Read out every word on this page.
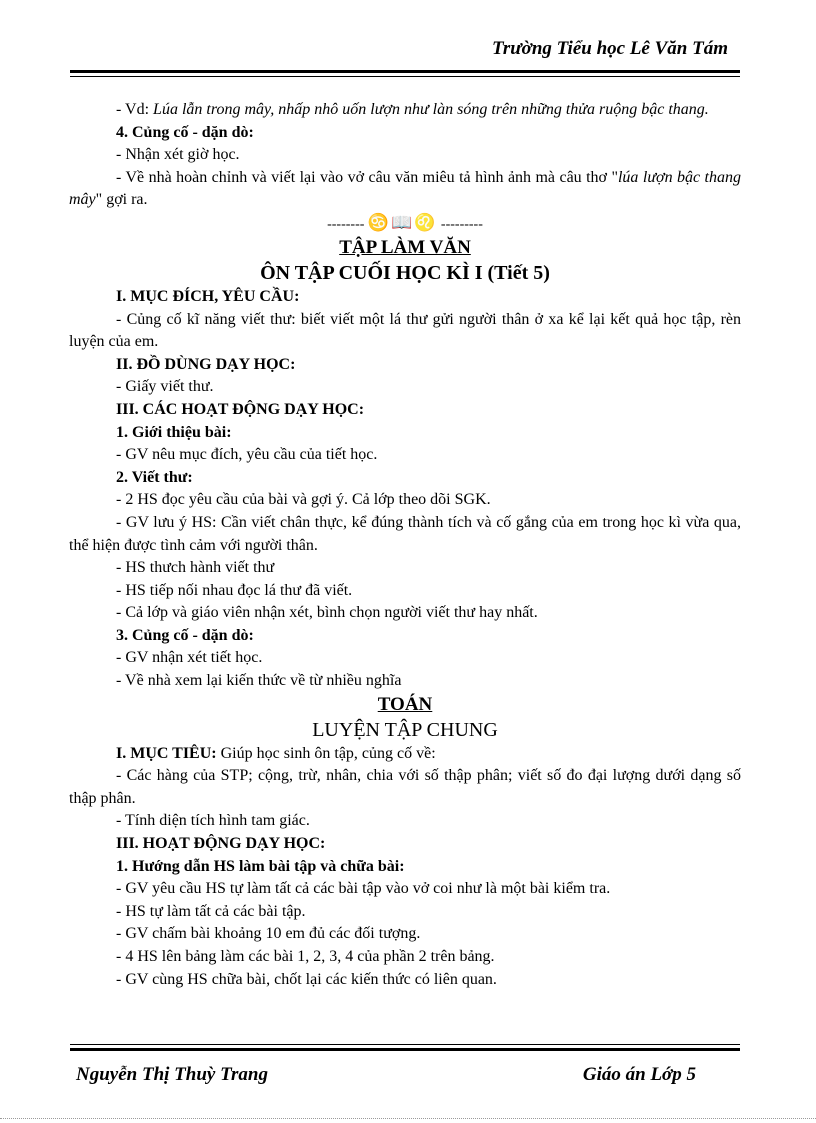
Trường Tiểu học Lê Văn Tám

- Vd: Lúa lẫn trong mây, nhấp nhô uốn lượn như làn sóng trên những thửa ruộng bậc thang.

4. Củng cố - dặn dò:

- Nhận xét giờ học.

- Về nhà hoàn chỉnh và viết lại vào vở câu văn miêu tả hình ảnh mà câu thơ "lúa lượn bậc thang mây" gợi ra.

-------- ♋📖♌ ---------

TẬP LÀM VĂN

ÔN TẬP CUỐI HỌC KÌ I (Tiết 5)

I. MỤC ĐÍCH, YÊU CẦU:

- Củng cố kĩ năng viết thư: biết viết một lá thư gửi người thân ở xa kể lại kết quả học tập, rèn luyện của em.

II. ĐỒ DÙNG DẠY HỌC:

- Giấy viết thư.

III. CÁC HOẠT ĐỘNG DẠY HỌC:

1. Giới thiệu bài:

- GV nêu mục đích, yêu cầu của tiết học.

2. Viết thư:

- 2 HS đọc yêu cầu của bài và gợi ý. Cả lớp theo dõi SGK.

- GV lưu ý HS: Cần viết chân thực, kể đúng thành tích và cố gắng của em trong học kì vừa qua, thể hiện được tình cảm với người thân.

- HS thưch hành viết thư

- HS tiếp nối nhau đọc lá thư đã viết.

- Cả lớp và giáo viên nhận xét, bình chọn người viết thư hay nhất.

3. Củng cố - dặn dò:

- GV nhận xét tiết học.

- Về nhà xem lại kiến thức về từ nhiều nghĩa

TOÁN

LUYỆN TẬP CHUNG

I. MỤC TIÊU: Giúp học sinh ôn tập, củng cố về:

- Các hàng của STP; cộng, trừ, nhân, chia với số thập phân; viết số đo đại lượng dưới dạng số thập phân.

- Tính diện tích hình tam giác.

III. HOẠT ĐỘNG DẠY HỌC:

1. Hướng dẫn HS làm bài tập và chữa bài:

- GV yêu cầu HS tự làm tất cả các bài tập vào vở coi như là một bài kiểm tra.

- HS tự làm tất cả các bài tập.

- GV chấm bài khoảng 10 em đủ các đối tượng.

- 4 HS lên bảng làm các bài 1, 2, 3, 4 của phần 2 trên bảng.

- GV cùng HS chữa bài, chốt lại các kiến thức có liên quan.

Nguyễn Thị Thuỳ Trang	Giáo án Lớp 5
